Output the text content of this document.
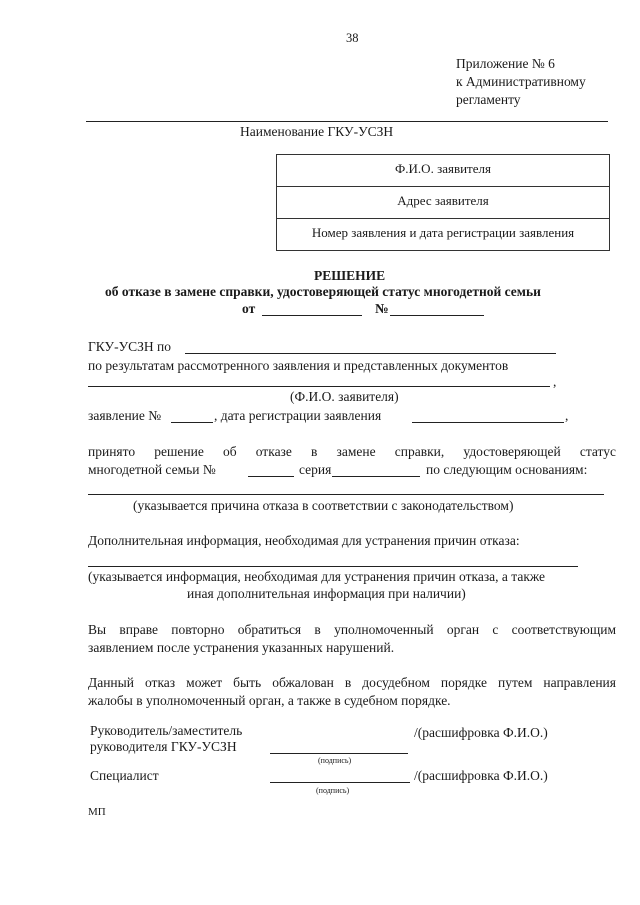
38
Приложение № 6
к Административному
регламенту
Наименование ГКУ-УСЗН
Ф.И.О. заявителя
Адрес заявителя
Номер заявления и дата регистрации заявления
РЕШЕНИЕ
об отказе в замене справки, удостоверяющей статус многодетной семьи
от	№
ГКУ-УСЗН по
по результатам рассмотренного заявления и представленных документов
,
(Ф.И.О. заявителя)
заявление №	, дата регистрации заявления	,
принято решение об отказе в замене справки, удостоверяющей статус
многодетной семьи №	серия	по следующим основаниям:
(указывается причина отказа в соответствии с законодательством)
Дополнительная информация, необходимая для устранения причин отказа:
(указывается информация, необходимая для устранения причин отказа, а также
иная дополнительная информация при наличии)
Вы вправе повторно обратиться в уполномоченный орган с соответствующим
заявлением после устранения указанных нарушений.
Данный отказ может быть обжалован в досудебном порядке путем направления
жалобы в уполномоченный орган, а также в судебном порядке.
Руководитель/заместитель
руководителя ГКУ-УСЗН
/(расшифровка Ф.И.О.)
(подпись)
Специалист	/(расшифровка Ф.И.О.)
(подпись)
МП
